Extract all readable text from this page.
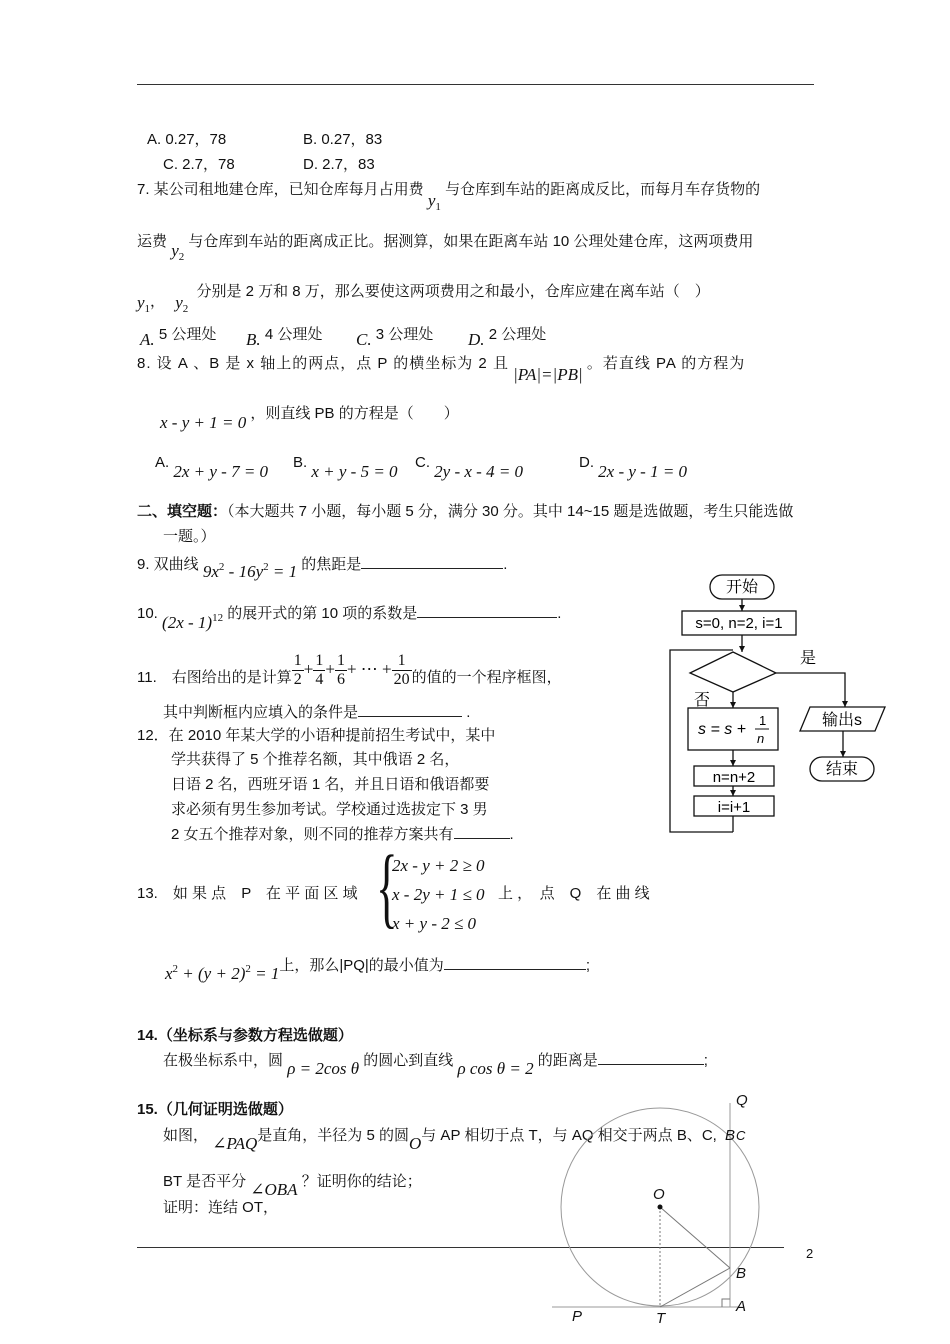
A. 0.27，78	B. 0.27，83
C. 2.7，78	D. 2.7，83
7. 某公司租地建仓库，已知仓库每月占用费 $y_1$ 与仓库到车站的距离成反比，而每月车存货物的
运费 $y_2$ 与仓库到车站的距离成正比。据测算，如果在距离车站 10 公理处建仓库，这两项费用
$y_1$， $y_2$ 分别是 2 万和 8 万，那么要使这两项费用之和最小，仓库应建在离车站（　）
A. 5 公理处 B. 4 公理处 C. 3 公理处 D. 2 公理处
8. 设 A 、B 是 x 轴上的两点，点 P 的横坐标为 2 且 |PA|=|PB| 。若直线 PA 的方程为
x - y + 1 = 0 ，则直线 PB 的方程是（　　）
A. 2x + y - 7 = 0 B. x + y - 5 = 0 C. 2y - x - 4 = 0	D. 2x - y - 1 = 0
二、填空题：（本大题共 7 小题，每小题 5 分，满分 30 分。其中 14~15 题是选做题，考生只能选做
一题。）
9. 双曲线 $9x^2 - 16y^2 = 1$ 的焦距是	.
10. (2x - 1)$^{12}$ 的展开式的第 10 项的系数是	.
11.　右图给出的是计算 $\frac{1}{2} + \frac{1}{4} + \frac{1}{6}$ + ⋯ + $\frac{1}{20}$ 的值的一个程序框图，
其中判断框内应填入的条件是	.
12．在 2010 年某大学的小语种提前招生考试中，某中
学共获得了 5 个推荐名额，其中俄语 2 名，
日语 2 名，西班牙语 1 名，并且日语和俄语都要
求必须有男生参加考试。学校通过选拔定下 3 男
2 女五个推荐对象，则不同的推荐方案共有	.
13.　如 果 点　P　在 平 面 区 域 {
2x - y + 2 ≥ 0
x - 2y + 1 ≤ 0
x + y - 2 ≤ 0
上 ，　点　Q　在 曲 线
$x^2 + (y + 2)^2 = 1$上，那么|PQ|的最小值为	;
14.（坐标系与参数方程选做题）
在极坐标系中，圆 ρ = 2cos θ 的圆心到直线 ρ cos θ = 2 的距离是	;
15.（几何证明选做题）
如图， ∠PAQ是直角，半径为 5 的圆O与 AP 相切于点 T，与 AQ 相交于两点 B、C,
BT 是否平分 ∠OBA ？证明你的结论；
证明：连结 OT，
2
开始
s=0, n=2, i=1
是
否
s = s +
1
n
n=n+2
i=i+1
输出s
结束
Q
B C
O
B
P	T
A
